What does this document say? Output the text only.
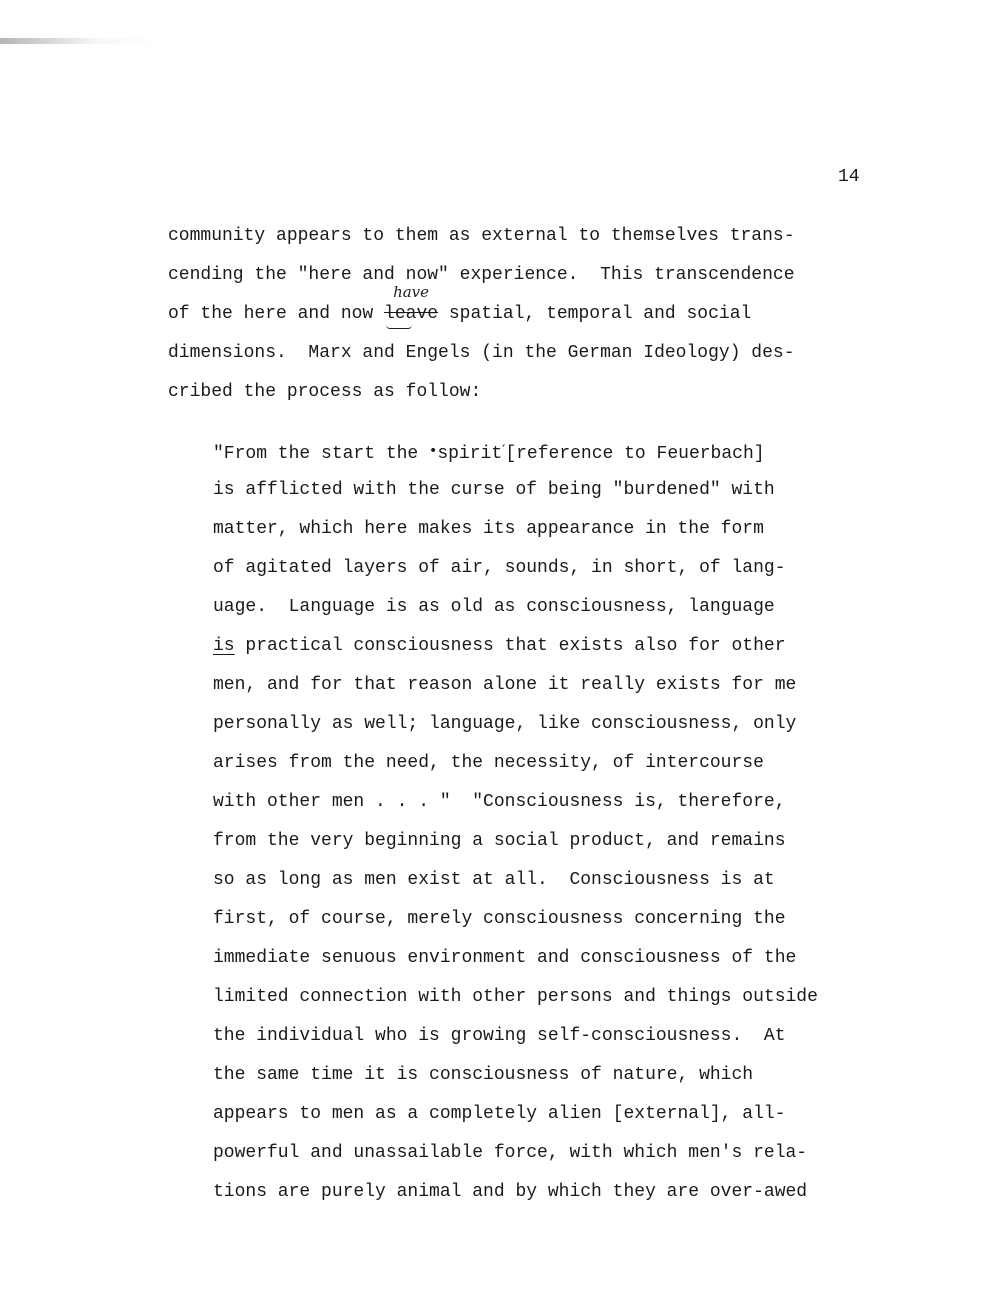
14
community appears to them as external to themselves trans-
cending the "here and now" experience.  This transcendence
of the here and now leave
have
spatial, temporal and social
dimensions.  Marx and Engels (in the German Ideology) des-
cribed the process as follow:
"From the start the •spirit′[reference to Feuerbach]
is afflicted with the curse of being "burdened" with
matter, which here makes its appearance in the form
of agitated layers of air, sounds, in short, of lang-
uage.  Language is as old as consciousness, language
is practical consciousness that exists also for other
men, and for that reason alone it really exists for me
personally as well; language, like consciousness, only
arises from the need, the necessity, of intercourse
with other men . . . "  "Consciousness is, therefore,
from the very beginning a social product, and remains
so as long as men exist at all.  Consciousness is at
first, of course, merely consciousness concerning the
immediate senuous environment and consciousness of the
limited connection with other persons and things outside
the individual who is growing self-consciousness.  At
the same time it is consciousness of nature, which
appears to men as a completely alien [external], all-
powerful and unassailable force, with which men's rela-
tions are purely animal and by which they are over-awed
